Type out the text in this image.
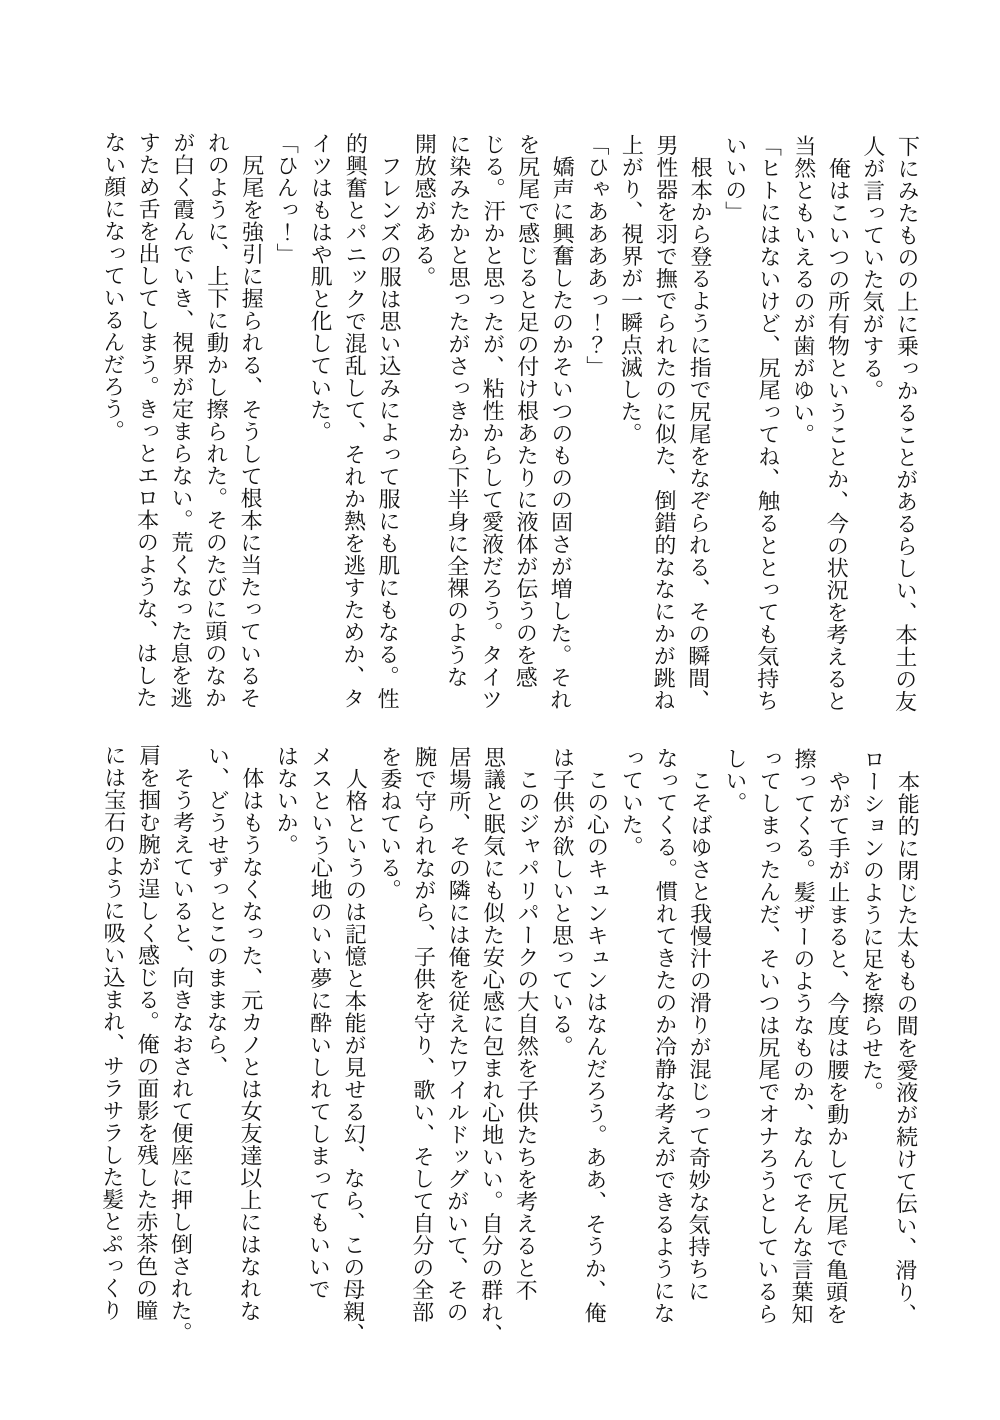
下にみたものの上に乗っかることがあるらしい、本土の友

人が言っていた気がする。

　俺はこいつの所有物ということか、今の状況を考えると

当然ともいえるのが歯がゆい。

「ヒトにはないけど、尻尾ってね、触るととっても気持ち

いいの」

　根本から登るように指で尻尾をなぞられる、その瞬間、

男性器を羽で撫でられたのに似た、倒錯的ななにかが跳ね

上がり、視界が一瞬点滅した。

「ひゃああああっ！？」

　嬌声に興奮したのかそいつのものの固さが増した。それ

を尻尾で感じると足の付け根あたりに液体が伝うのを感

じる。汗かと思ったが、粘性からして愛液だろう。タイツ

に染みたかと思ったがさっきから下半身に全裸のような

開放感がある。

　フレンズの服は思い込みによって服にも肌にもなる。性

的興奮とパニックで混乱して、それか熱を逃すためか、タ

イツはもはや肌と化していた。

「ひんっ！」

　尻尾を強引に握られる、そうして根本に当たっているそ

れのように、上下に動かし擦られた。そのたびに頭のなか

が白く霞んでいき、視界が定まらない。荒くなった息を逃

すため舌を出してしまう。きっとエロ本のような、はした

ない顔になっているんだろう。

　本能的に閉じた太ももの間を愛液が続けて伝い、滑り、

ローションのように足を擦らせた。

　やがて手が止まると、今度は腰を動かして尻尾で亀頭を

擦ってくる。髪ザーのようなものか、なんでそんな言葉知

ってしまったんだ、そいつは尻尾でオナろうとしているら

しい。

　こそばゆさと我慢汁の滑りが混じって奇妙な気持ちに

なってくる。慣れてきたのか冷静な考えができるようにな

っていた。

　この心のキュンキュンはなんだろう。ああ、そうか、俺

は子供が欲しいと思っている。

　このジャパリパークの大自然を子供たちを考えると不

思議と眠気にも似た安心感に包まれ心地いい。自分の群れ、

居場所、その隣には俺を従えたワイルドッグがいて、その

腕で守られながら、子供を守り、歌い、そして自分の全部

を委ねている。

　人格というのは記憶と本能が見せる幻、なら、この母親、

メスという心地のいい夢に酔いしれてしまってもいいで

はないか。

　体はもうなくなった、元カノとは女友達以上にはなれな

い、どうせずっとこのままなら、

　そう考えていると、向きなおされて便座に押し倒された。

肩を掴む腕が逞しく感じる。俺の面影を残した赤茶色の瞳

には宝石のように吸い込まれ、サラサラした髪とぷっくり
